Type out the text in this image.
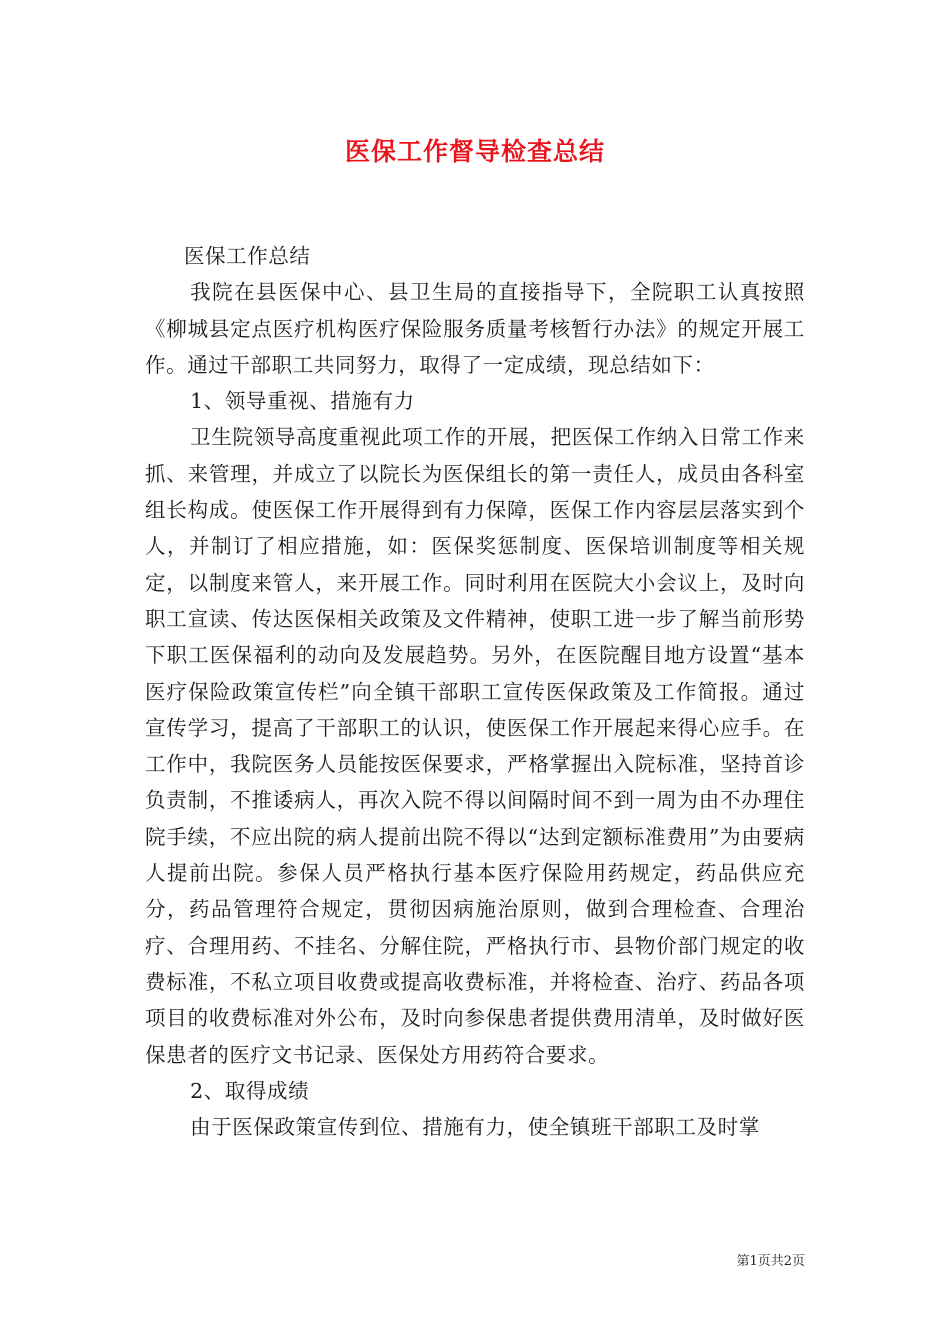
医保工作督导检查总结

医保工作总结

我院在县医保中心、县卫生局的直接指导下，全院职工认真按照《柳城县定点医疗机构医疗保险服务质量考核暂行办法》的规定开展工作。通过干部职工共同努力，取得了一定成绩，现总结如下：

1、领导重视、措施有力

卫生院领导高度重视此项工作的开展，把医保工作纳入日常工作来抓、来管理，并成立了以院长为医保组长的第一责任人，成员由各科室组长构成。使医保工作开展得到有力保障，医保工作内容层层落实到个人，并制订了相应措施，如：医保奖惩制度、医保培训制度等相关规定，以制度来管人，来开展工作。同时利用在医院大小会议上，及时向职工宣读、传达医保相关政策及文件精神，使职工进一步了解当前形势下职工医保福利的动向及发展趋势。另外，在医院醒目地方设置“基本医疗保险政策宣传栏”向全镇干部职工宣传医保政策及工作简报。通过宣传学习，提高了干部职工的认识，使医保工作开展起来得心应手。在工作中，我院医务人员能按医保要求，严格掌握出入院标准，坚持首诊负责制，不推诿病人，再次入院不得以间隔时间不到一周为由不办理住院手续，不应出院的病人提前出院不得以“达到定额标准费用”为由要病人提前出院。参保人员严格执行基本医疗保险用药规定，药品供应充分，药品管理符合规定，贯彻因病施治原则，做到合理检查、合理治疗、合理用药、不挂名、分解住院，严格执行市、县物价部门规定的收费标准，不私立项目收费或提高收费标准，并将检查、治疗、药品各项项目的收费标准对外公布，及时向参保患者提供费用清单，及时做好医保患者的医疗文书记录、医保处方用药符合要求。

2、取得成绩

由于医保政策宣传到位、措施有力，使全镇班干部职工及时掌

第1页共2页
